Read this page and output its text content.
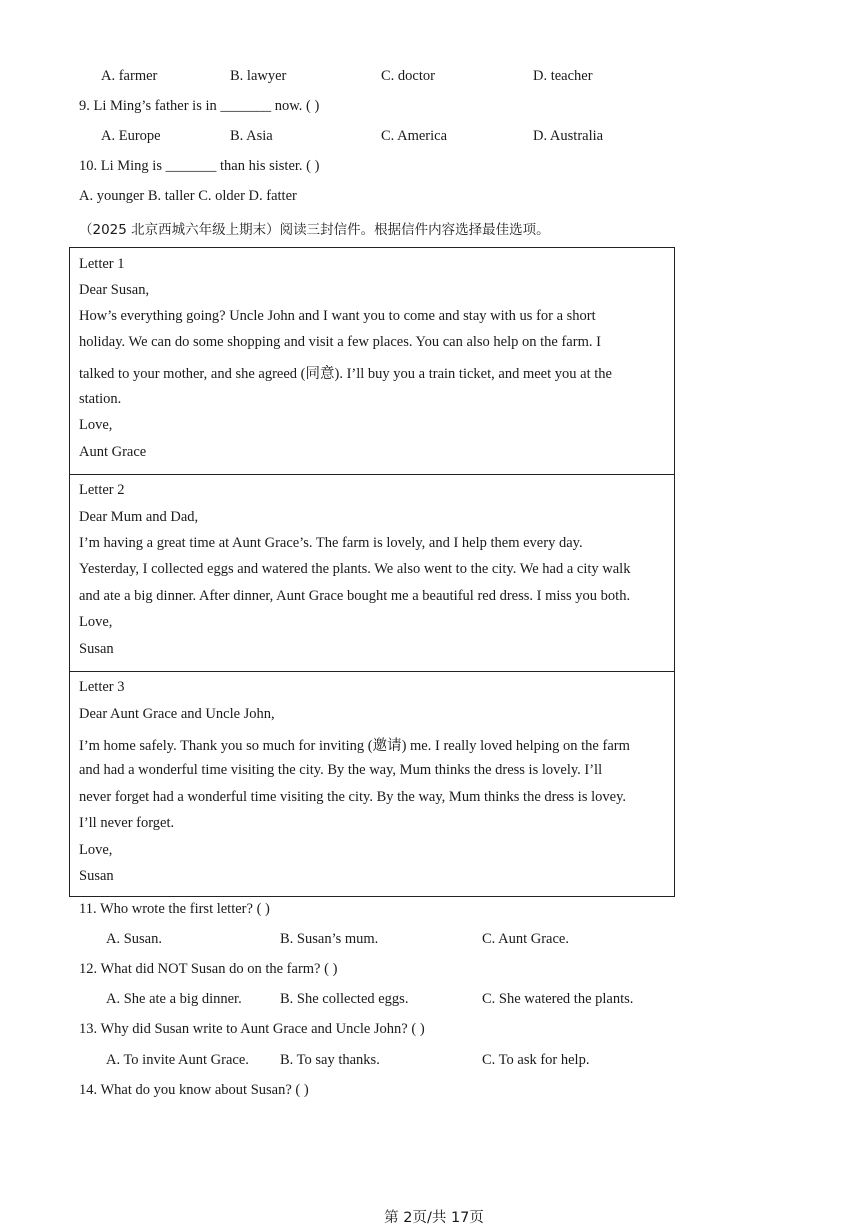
A. farmer	B. lawyer	C. doctor	D. teacher
9. Li Ming’s father is in _______ now. ( )
A. Europe	B. Asia	C. America	D. Australia
10. Li Ming is _______ than his sister. ( )
A. younger B. taller C. older D. fatter
（2025 北京西城六年级上期末）阅读三封信件。根据信件内容选择最佳选项。
Letter 1
Dear Susan,
How’s everything going? Uncle John and I want you to come and stay with us for a short
holiday. We can do some shopping and visit a few places. You can also help on the farm. I
talked to your mother, and she agreed (同意). I’ll buy you a train ticket, and meet you at the
station.
Love,
Aunt Grace
Letter 2
Dear Mum and Dad,
I’m having a great time at Aunt Grace’s. The farm is lovely, and I help them every day.
Yesterday, I collected eggs and watered the plants. We also went to the city. We had a city walk
and ate a big dinner. After dinner, Aunt Grace bought me a beautiful red dress. I miss you both.
Love,
Susan
Letter 3
Dear Aunt Grace and Uncle John,
I’m home safely. Thank you so much for inviting (邀请) me. I really loved helping on the farm
and had a wonderful time visiting the city. By the way, Mum thinks the dress is lovely. I’ll
never forget had a wonderful time visiting the city. By the way, Mum thinks the dress is lovey.
I’ll never forget.
Love,
Susan
11. Who wrote the first letter? ( )
A. Susan.	B. Susan’s mum.	C. Aunt Grace.
12. What did NOT Susan do on the farm? ( )
A. She ate a big dinner.	B. She collected eggs.	C. She watered the plants.
13. Why did Susan write to Aunt Grace and Uncle John? ( )
A. To invite Aunt Grace. B. To say thanks.	C. To ask for help.
14. What do you know about Susan? ( )
第 2页/共 17页
